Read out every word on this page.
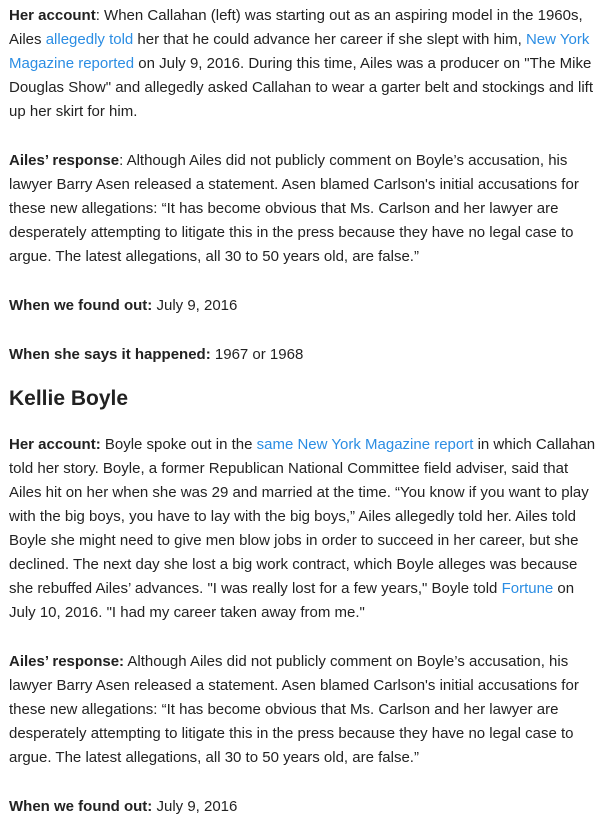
Her account: When Callahan (left) was starting out as an aspiring model in the 1960s, Ailes allegedly told her that he could advance her career if she slept with him, New York Magazine reported on July 9, 2016. During this time, Ailes was a producer on "The Mike Douglas Show" and allegedly asked Callahan to wear a garter belt and stockings and lift up her skirt for him.

Ailes’ response: Although Ailes did not publicly comment on Boyle’s accusation, his lawyer Barry Asen released a statement. Asen blamed Carlson's initial accusations for these new allegations: “It has become obvious that Ms. Carlson and her lawyer are desperately attempting to litigate this in the press because they have no legal case to argue. The latest allegations, all 30 to 50 years old, are false.”

When we found out: July 9, 2016

When she says it happened: 1967 or 1968

Kellie Boyle

Her account: Boyle spoke out in the same New York Magazine report in which Callahan told her story. Boyle, a former Republican National Committee field adviser, said that Ailes hit on her when she was 29 and married at the time. “You know if you want to play with the big boys, you have to lay with the big boys,” Ailes allegedly told her. Ailes told Boyle she might need to give men blow jobs in order to succeed in her career, but she declined. The next day she lost a big work contract, which Boyle alleges was because she rebuffed Ailes’ advances. "I was really lost for a few years," Boyle told Fortune on July 10, 2016. "I had my career taken away from me."

Ailes’ response: Although Ailes did not publicly comment on Boyle’s accusation, his lawyer Barry Asen released a statement. Asen blamed Carlson's initial accusations for these new allegations: “It has become obvious that Ms. Carlson and her lawyer are desperately attempting to litigate this in the press because they have no legal case to argue. The latest allegations, all 30 to 50 years old, are false.”

When we found out: July 9, 2016
